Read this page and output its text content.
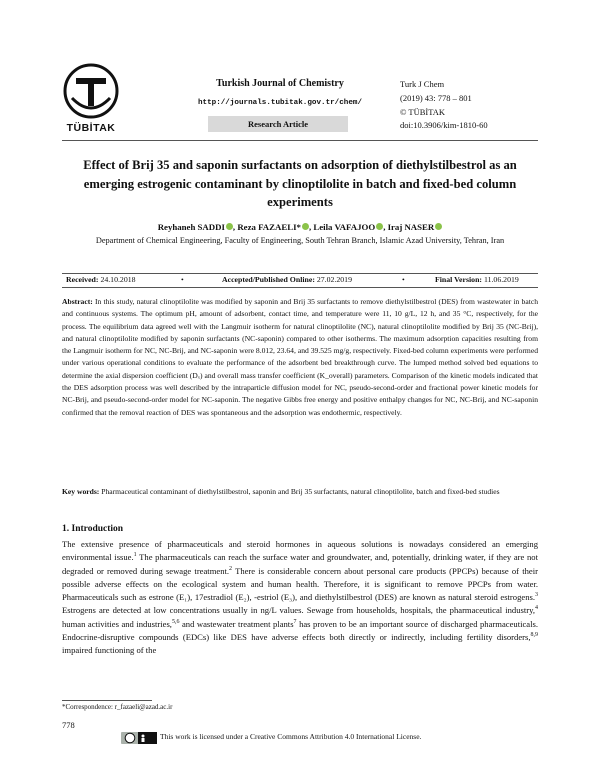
TÜBİTAK
Turkish Journal of Chemistry
http://journals.tubitak.gov.tr/chem/
Research Article
Turk J Chem
(2019) 43: 778 – 801
© TÜBİTAK
doi:10.3906/kim-1810-60
Effect of Brij 35 and saponin surfactants on adsorption of diethylstilbestrol as an emerging estrogenic contaminant by clinoptilolite in batch and fixed-bed column experiments
Reyhaneh SADDI , Reza FAZAELI* , Leila VAFAJOO , Iraj NASER
Department of Chemical Engineering, Faculty of Engineering, South Tehran Branch, Islamic Azad University, Tehran, Iran
Received: 24.10.2018	•	Accepted/Published Online: 27.02.2019	•	Final Version: 11.06.2019
Abstract: In this study, natural clinoptilolite was modified by saponin and Brij 35 surfactants to remove diethylstilbestrol (DES) from wastewater in batch and continuous systems. The optimum pH, amount of adsorbent, contact time, and temperature were 11, 10 g/L, 12 h, and 35 °C, respectively, for the process. The equilibrium data agreed well with the Langmuir isotherm for natural clinoptilolite (NC), natural clinoptilolite modified by Brij 35 (NC-Brij), and natural clinoptilolite modified by saponin surfactants (NC-saponin) compared to other isotherms. The maximum adsorption capacities resulting from the Langmuir isotherm for NC, NC-Brij, and NC-saponin were 8.012, 23.64, and 39.525 mg/g, respectively. Fixed-bed column experiments were performed under various operational conditions to evaluate the performance of the adsorbent bed breakthrough curve. The lumped method solved bed equations to determine the axial dispersion coefficient (Dₓ) and overall mass transfer coefficient (K_overall) parameters. Comparison of the kinetic models indicated that the DES adsorption process was well described by the intraparticle diffusion model for NC, pseudo-second-order and fractional power kinetic models for NC-Brij, and pseudo-second-order model for NC-saponin. The negative Gibbs free energy and positive enthalpy changes for NC, NC-Brij, and NC-saponin confirmed that the removal reaction of DES was spontaneous and the adsorption was endothermic, respectively.
Key words: Pharmaceutical contaminant of diethylstilbestrol, saponin and Brij 35 surfactants, natural clinoptilolite, batch and fixed-bed studies
1. Introduction
The extensive presence of pharmaceuticals and steroid hormones in aqueous solutions is nowadays considered an emerging environmental issue.$^1$ The pharmaceuticals can reach the surface water and groundwater, and, potentially, drinking water, if they are not degraded or removed during sewage treatment.$^2$ There is considerable concern about personal care products (PPCPs) because of their possible adverse effects on the ecological system and human health. Therefore, it is significant to remove PPCPs from water. Pharmaceuticals such as estrone (E₁), 17estradiol (E₂), -estriol (E₃), and diethylstilbestrol (DES) are known as natural steroid estrogens.$^3$ Estrogens are detected at low concentrations usually in ng/L values. Sewage from households, hospitals, the pharmaceutical industry,$^4$ human activities and industries,$^{5,6}$ and wastewater treatment plants$^7$ has proven to be an important source of discharged pharmaceuticals. Endocrine-disruptive compounds (EDCs) like DES have adverse effects both directly or indirectly, including fertility disorders,$^{8,9}$ impaired functioning of the
*Correspondence: r_fazaeli@azad.ac.ir
778
This work is licensed under a Creative Commons Attribution 4.0 International License.
